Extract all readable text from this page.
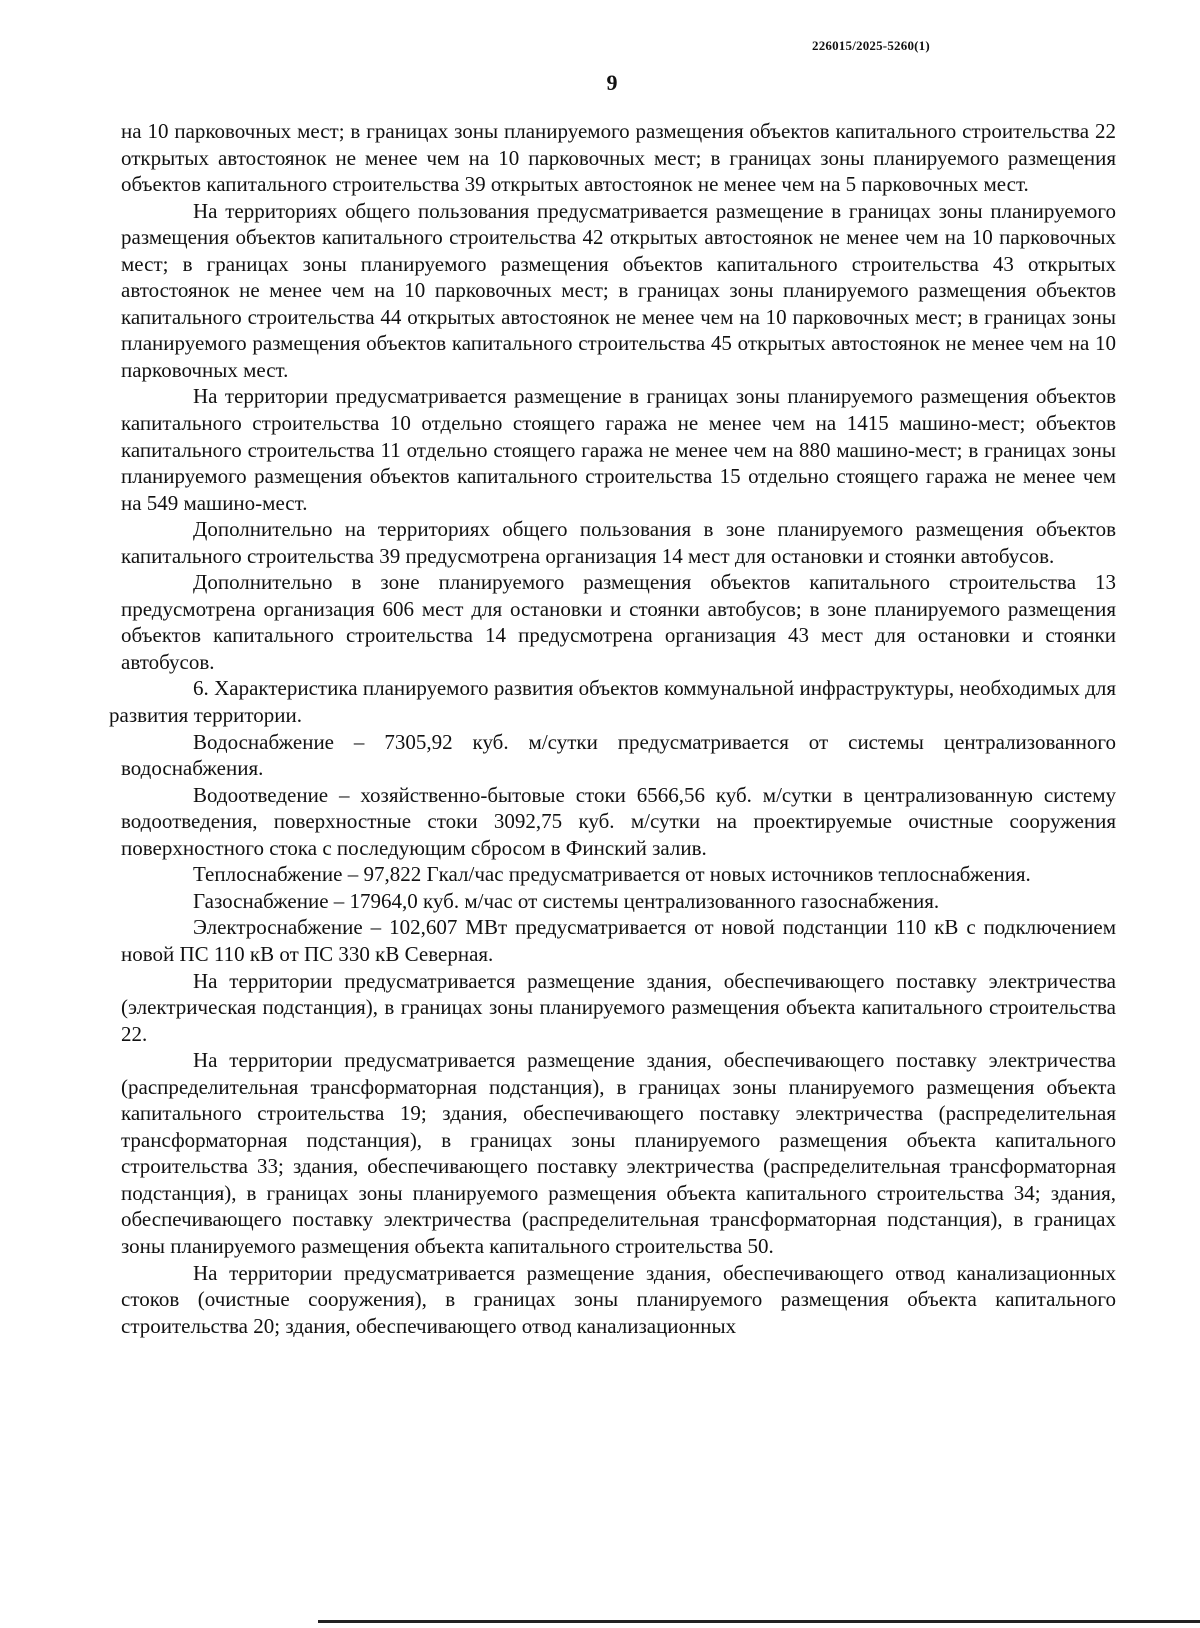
226015/2025-5260(1)
9

на 10 парковочных мест; в границах зоны планируемого размещения объектов капитального строительства 22 открытых автостоянок не менее чем на 10 парковочных мест; в границах зоны планируемого размещения объектов капитального строительства 39 открытых автостоянок не менее чем на 5 парковочных мест.

На территориях общего пользования предусматривается размещение в границах зоны планируемого размещения объектов капитального строительства 42 открытых автостоянок не менее чем на 10 парковочных мест; в границах зоны планируемого размещения объектов капитального строительства 43 открытых автостоянок не менее чем на 10 парковочных мест; в границах зоны планируемого размещения объектов капитального строительства 44 открытых автостоянок не менее чем на 10 парковочных мест; в границах зоны планируемого размещения объектов капитального строительства 45 открытых автостоянок не менее чем на 10 парковочных мест.

На территории предусматривается размещение в границах зоны планируемого размещения объектов капитального строительства 10 отдельно стоящего гаража не менее чем на 1415 машино-мест; объектов капитального строительства 11 отдельно стоящего гаража не менее чем на 880 машино-мест; в границах зоны планируемого размещения объектов капитального строительства 15 отдельно стоящего гаража не менее чем на 549 машино-мест.

Дополнительно на территориях общего пользования в зоне планируемого размещения объектов капитального строительства 39 предусмотрена организация 14 мест для остановки и стоянки автобусов.

Дополнительно в зоне планируемого размещения объектов капитального строительства 13 предусмотрена организация 606 мест для остановки и стоянки автобусов; в зоне планируемого размещения объектов капитального строительства 14 предусмотрена организация 43 мест для остановки и стоянки автобусов.

6. Характеристика планируемого развития объектов коммунальной инфраструктуры, необходимых для развития территории.

Водоснабжение – 7305,92 куб. м/сутки предусматривается от системы централизованного водоснабжения.

Водоотведение – хозяйственно-бытовые стоки 6566,56 куб. м/сутки в централизованную систему водоотведения, поверхностные стоки 3092,75 куб. м/сутки на проектируемые очистные сооружения поверхностного стока с последующим сбросом в Финский залив.

Теплоснабжение – 97,822 Гкал/час предусматривается от новых источников теплоснабжения.

Газоснабжение – 17964,0 куб. м/час от системы централизованного газоснабжения.

Электроснабжение – 102,607 МВт предусматривается от новой подстанции 110 кВ с подключением новой ПС 110 кВ от ПС 330 кВ Северная.

На территории предусматривается размещение здания, обеспечивающего поставку электричества (электрическая подстанция), в границах зоны планируемого размещения объекта капитального строительства 22.

На территории предусматривается размещение здания, обеспечивающего поставку электричества (распределительная трансформаторная подстанция), в границах зоны планируемого размещения объекта капитального строительства 19; здания, обеспечивающего поставку электричества (распределительная трансформаторная подстанция), в границах зоны планируемого размещения объекта капитального строительства 33; здания, обеспечивающего поставку электричества (распределительная трансформаторная подстанция), в границах зоны планируемого размещения объекта капитального строительства 34; здания, обеспечивающего поставку электричества (распределительная трансформаторная подстанция), в границах зоны планируемого размещения объекта капитального строительства 50.

На территории предусматривается размещение здания, обеспечивающего отвод канализационных стоков (очистные сооружения), в границах зоны планируемого размещения объекта капитального строительства 20; здания, обеспечивающего отвод канализационных
